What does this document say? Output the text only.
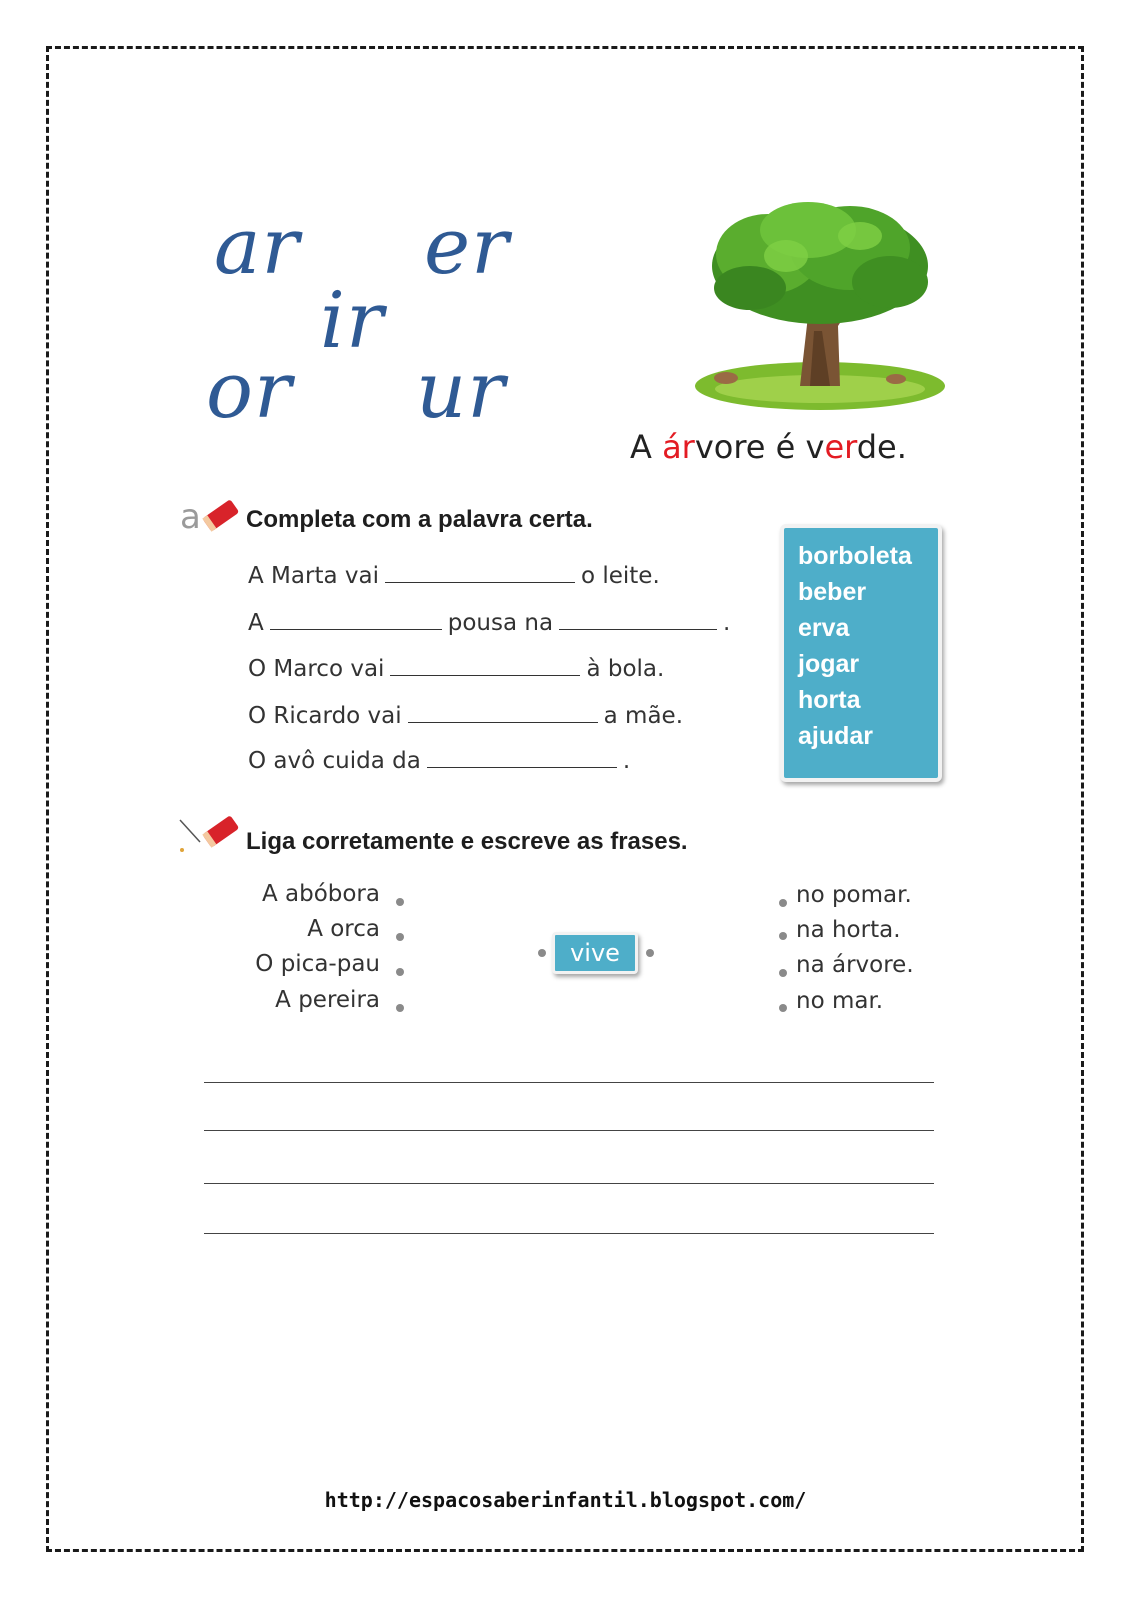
ar er
ir
or ur
A árvore é verde.
a Completa com a palavra certa.
A Marta vai	o leite.
A	pousa na	.
O Marco vai	à bola.
O Ricardo vai	a mãe.
O avô cuida da	.
borboleta
beber
erva
jogar
horta
ajudar
Liga corretamente e escreve as frases.
A abóbora
A orca
O pica-pau
A pereira
vive
no pomar.
na horta.
na árvore.
no mar.
http://espacosaberinfantil.blogspot.com/
